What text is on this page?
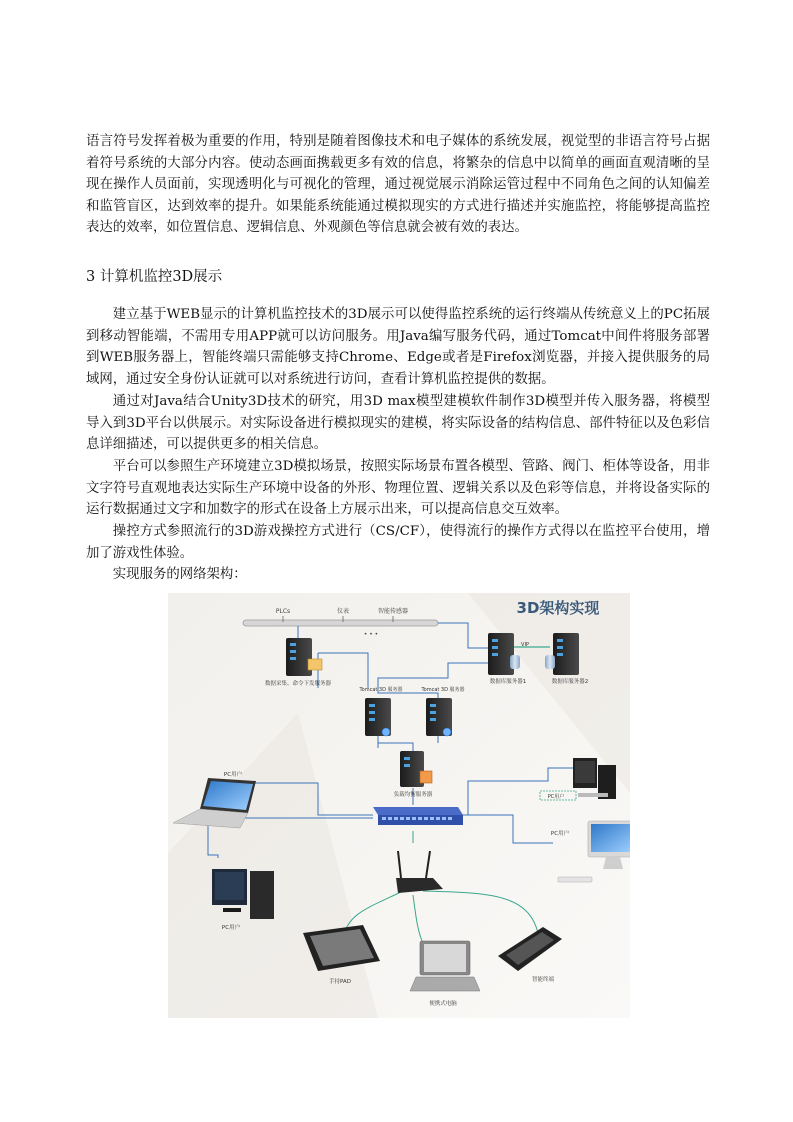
语言符号发挥着极为重要的作用，特别是随着图像技术和电子媒体的系统发展，视觉型的非语言符号占据着符号系统的大部分内容。使动态画面携载更多有效的信息，将繁杂的信息中以简单的画面直观清晰的呈现在操作人员面前，实现透明化与可视化的管理，通过视觉展示消除运管过程中不同角色之间的认知偏差和监管盲区，达到效率的提升。如果能系统能通过模拟现实的方式进行描述并实施监控，将能够提高监控表达的效率，如位置信息、逻辑信息、外观颜色等信息就会被有效的表达。

3 计算机监控3D展示

建立基于WEB显示的计算机监控技术的3D展示可以使得监控系统的运行终端从传统意义上的PC拓展到移动智能端，不需用专用APP就可以访问服务。用Java编写服务代码，通过Tomcat中间件将服务部署到WEB服务器上，智能终端只需能够支持Chrome、Edge或者是Firefox浏览器，并接入提供服务的局域网，通过安全身份认证就可以对系统进行访问，查看计算机监控提供的数据。

通过对Java结合Unity3D技术的研究，用3D max模型建模软件制作3D模型并传入服务器，将模型导入到3D平台以供展示。对实际设备进行模拟现实的建模，将实际设备的结构信息、部件特征以及色彩信息详细描述，可以提供更多的相关信息。

平台可以参照生产环境建立3D模拟场景，按照实际场景布置各模型、管路、阀门、柜体等设备，用非文字符号直观地表达实际生产环境中设备的外形、物理位置、逻辑关系以及色彩等信息，并将设备实际的运行数据通过文字和加数字的形式在设备上方展示出来，可以提高信息交互效率。

操控方式参照流行的3D游戏操控方式进行（CS/CF），使得流行的操作方式得以在监控平台使用，增加了游戏性体验。

实现服务的网络架构：

3D架构实现
PLCs	仪表	智能传感器
• • •
VIP
数据采集、命令下发服务器
Tomcat 3D 服务器	Tomcat 3D 服务器
数据库服务器1	数据库服务器2
负载均衡服务器
PC用户
PC用户
PC用户
PC用户
手持PAD
便携式电脑
智能终端
